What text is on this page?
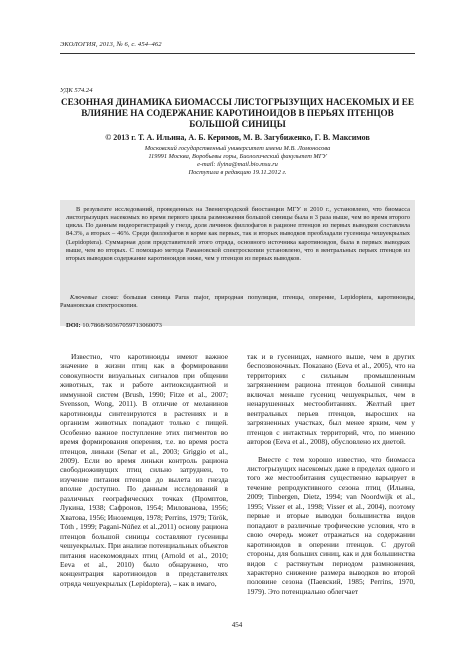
ЭКОЛОГИЯ, 2013, № 6, с. 454–462
УДК 574.24
СЕЗОННАЯ ДИНАМИКА БИОМАССЫ ЛИСТОГРЫЗУЩИХ НАСЕКОМЫХ И ЕЕ ВЛИЯНИЕ НА СОДЕРЖАНИЕ КАРОТИНОИДОВ В ПЕРЬЯХ ПТЕНЦОВ БОЛЬШОЙ СИНИЦЫ
© 2013 г. Т. А. Ильина, А. Б. Керимов, М. В. Загубиженко, Г. В. Максимов
Московский государственный университет имени М.В. Ломоносова
119991 Москва, Воробьевы горы, Биологический факультет МГУ
e-mail: ilyina@mail.bio.msu.ru
Поступила в редакцию 19.11.2012 г.
В результате исследований, проведенных на Звенигородской биостанции МГУ в 2010 г., установлено, что биомасса листогрызущих насекомых во время первого цикла размножения большой синицы была в 3 раза выше, чем во время второго цикла. По данным видеорегистраций у гнезд, доля личинок филлофагов в рационе птенцов из первых выводков составляла 84.3%, а вторых – 46%. Среди филлофагов в корме как первых, так и вторых выводков преобладали гусеницы чешуекрылых (Lepidoptera). Суммарная доля представителей этого отряда, основного источника каротиноидов, была в первых выводках выше, чем во вторых. С помощью метода Рамановской спектроскопии установлено, что в вентральных перьях птенцов из вторых выводков содержание каротиноидов ниже, чем у птенцов из первых выводков.
Ключевые слова: большая синица Parus major, природная популяция, птенцы, оперение, Lepidoptera, каротиноиды, Рамановская спектроскопия.
DOI: 10.7868/S0367059713060073

Известно, что каротиноиды имеют важное значение в жизни птиц как в формировании совокупности визуальных сигналов при общении животных, так и работе антиоксидантной и иммунной систем (Brush, 1990; Fitze et al., 2007; Svensson, Wong, 2011). В отличие от меланинов каротиноиды синтезируются в растениях и в организм животных попадают только с пищей. Особенно важное поступление этих пигментов во время формирования оперения, т.е. во время роста птенцов, линьки (Senar et al., 2003; Griggio et al., 2009). Если во время линьки контроль рациона свободноживущих птиц сильно затруднен, то изучение питания птенцов до вылета из гнезда вполне доступно. По данным исследований в различных географических точках (Промптов, Лукина, 1938; Сафронов, 1954; Милованова, 1956; Хватова, 1956; Иноземцев, 1978; Perrins, 1979; Török, Tóth , 1999; Pagani-Núñez et al.,2011) основу рациона птенцов большой синицы составляют гусеницы чешуекрылых. При анализе потенциальных объектов питания насекомоядных птиц (Arnold et al., 2010; Eeva et al., 2010) было обнаружено, что концентрация каротиноидов в представителях отряда чешуекрылых (Lepidoptera), – как в имаго,

так и в гусеницах, намного выше, чем в других беспозвоночных. Показано (Eeva et al., 2005), что на территориях с сильным промышленным загрязнением рациона птенцов большой синицы включал меньше гусениц чешуекрылых, чем в ненарушенных местообитаниях. Желтый цвет вентральных перьев птенцов, выросших на загрязненных участках, был менее ярким, чем у птенцов с интактных территорий, что, по мнению авторов (Eeva et al., 2008), обусловлено их диетой.

Вместе с тем хорошо известно, что биомасса листогрызущих насекомых даже в пределах одного и того же местообитания существенно варьирует в течение репродуктивного сезона птиц (Ильина, 2009; Tinbergen, Dietz, 1994; van Noordwijk et al., 1995; Visser et al., 1998; Visser et al., 2004), поэтому первые и вторые выводки большинства видов попадают в различные трофические условия, что в свою очередь может отражаться на содержании каротиноидов в оперении птенцов. С другой стороны, для больших синиц, как и для большинства видов с растянутым периодом размножения, характерно снижение размера выводков во второй половине сезона (Паевский, 1985; Perrins, 1970, 1979). Это потенциально облегчает

454
